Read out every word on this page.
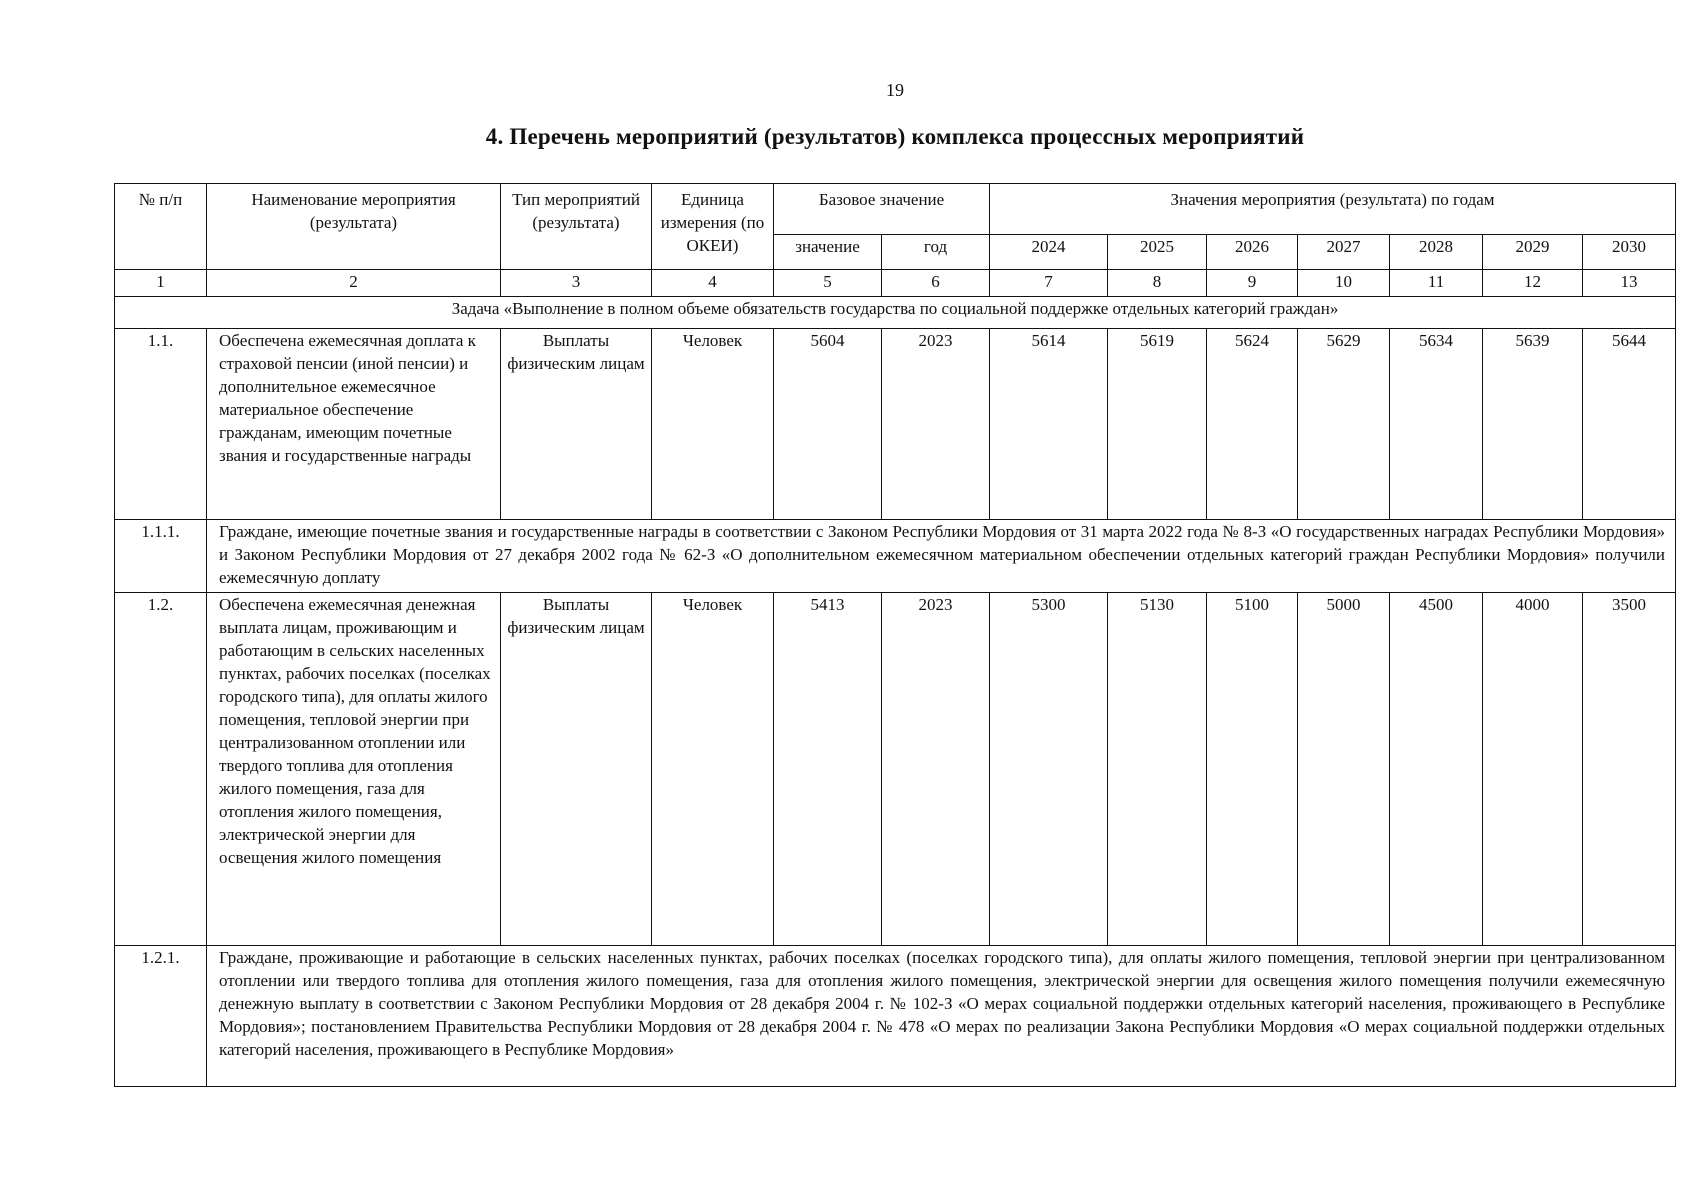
19
4. Перечень мероприятий (результатов) комплекса процессных мероприятий
№ п/п	Наименование мероприятия (результата)	Тип мероприятий (результата)	Единица измерения (по ОКЕИ)	Базовое значение		Значения мероприятия (результата) по годам						
				значение	год	2024	2025	2026	2027	2028	2029	2030
1	2	3	4	5	6	7	8	9	10	11	12	13
Задача «Выполнение в полном объеме обязательств государства по социальной поддержке отдельных категорий граждан»												
1.1.	Обеспечена ежемесячная доплата к страховой пенсии (иной пенсии) и дополнительное ежемесячное материальное обеспечение гражданам, имеющим почетные звания и государственные награды	Выплаты физическим лицам	Человек	5604	2023	5614	5619	5624	5629	5634	5639	5644
1.1.1.	Граждане, имеющие почетные звания и государственные награды в соответствии с Законом Республики Мордовия от 31 марта 2022 года № 8-З «О государственных наградах Республики Мордовия» и Законом Республики Мордовия от 27 декабря 2002 года № 62-З «О дополнительном ежемесячном материальном обеспечении отдельных категорий граждан Республики Мордовия» получили ежемесячную доплату											
1.2.	Обеспечена ежемесячная денежная выплата лицам, проживающим и работающим в сельских населенных пунктах, рабочих поселках (поселках городского типа), для оплаты жилого помещения, тепловой энергии при централизованном отоплении или твердого топлива для отопления жилого помещения, газа для отопления жилого помещения, электрической энергии для освещения жилого помещения	Выплаты физическим лицам	Человек	5413	2023	5300	5130	5100	5000	4500	4000	3500
1.2.1.	Граждане, проживающие и работающие в сельских населенных пунктах, рабочих поселках (поселках городского типа), для оплаты жилого помещения, тепловой энергии при централизованном отоплении или твердого топлива для отопления жилого помещения, газа для отопления жилого помещения, электрической энергии для освещения жилого помещения получили ежемесячную денежную выплату в соответствии с Законом Республики Мордовия от 28 декабря 2004 г. № 102-З «О мерах социальной поддержки отдельных категорий населения, проживающего в Республике Мордовия»; постановлением Правительства Республики Мордовия от 28 декабря 2004 г. № 478 «О мерах по реализации Закона Республики Мордовия «О мерах социальной поддержки отдельных категорий населения, проживающего в Республике Мордовия»											
